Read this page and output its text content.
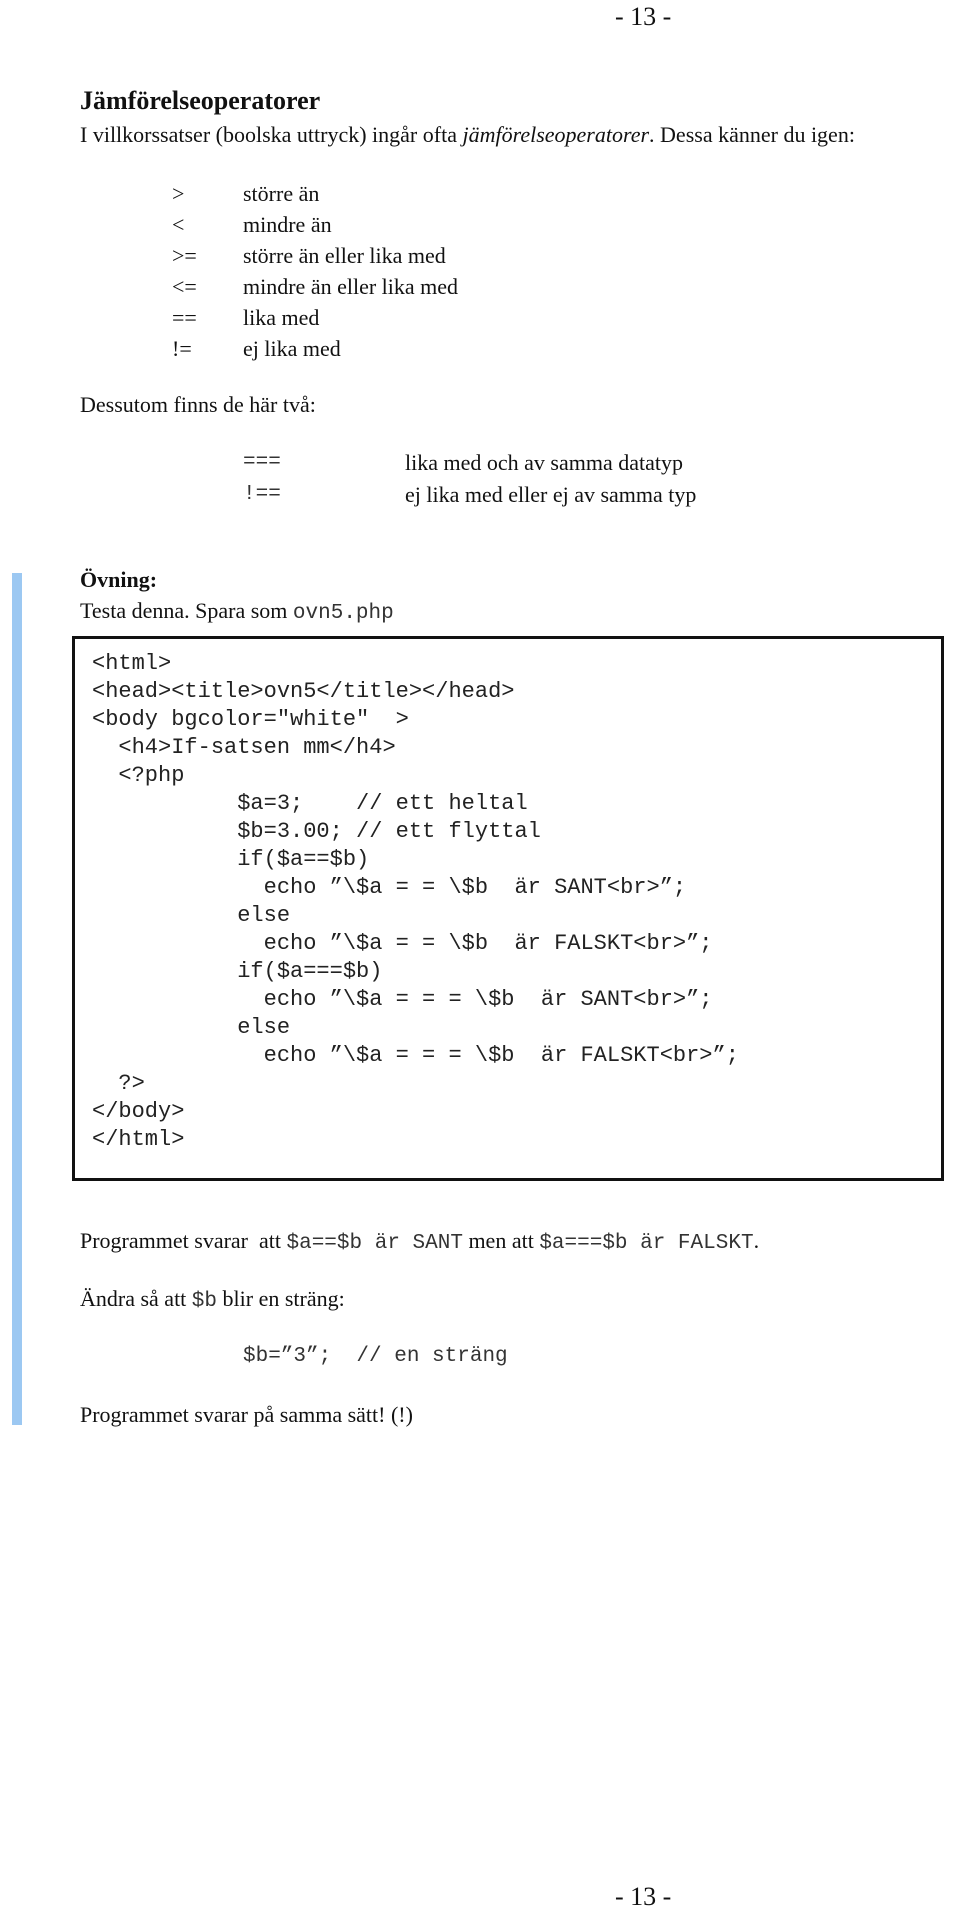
- 13 -
Jämförelseoperatorer
I villkorssatser (boolska uttryck) ingår ofta jämförelseoperatorer. Dessa känner du igen:
>	större än
<	mindre än
>= större än eller lika med
<= mindre än eller lika med
== lika med
!= ej lika med
Dessutom finns de här två:
===	lika med och av samma datatyp
!==	ej lika med eller ej av samma typ
Övning:
Testa denna. Spara som ovn5.php
<html>
<head><title>ovn5</title></head>
<body bgcolor="white"  >
<h4>If-satsen mm</h4>
<?php
$a=3;    // ett heltal
$b=3.00; // ett flyttal
if($a==$b)
echo ”\$a = = \$b  är SANT<br>”;
else
echo ”\$a = = \$b  är FALSKT<br>”;
if($a===$b)
echo ”\$a = = = \$b  är SANT<br>”;
else
echo ”\$a = = = \$b  är FALSKT<br>”;
?>
</body>
</html>
Programmet svarar  att $a==$b är SANT men att $a===$b är FALSKT.
Ändra så att $b blir en sträng:
$b=”3”;  // en sträng
Programmet svarar på samma sätt! (!)
- 13 -
